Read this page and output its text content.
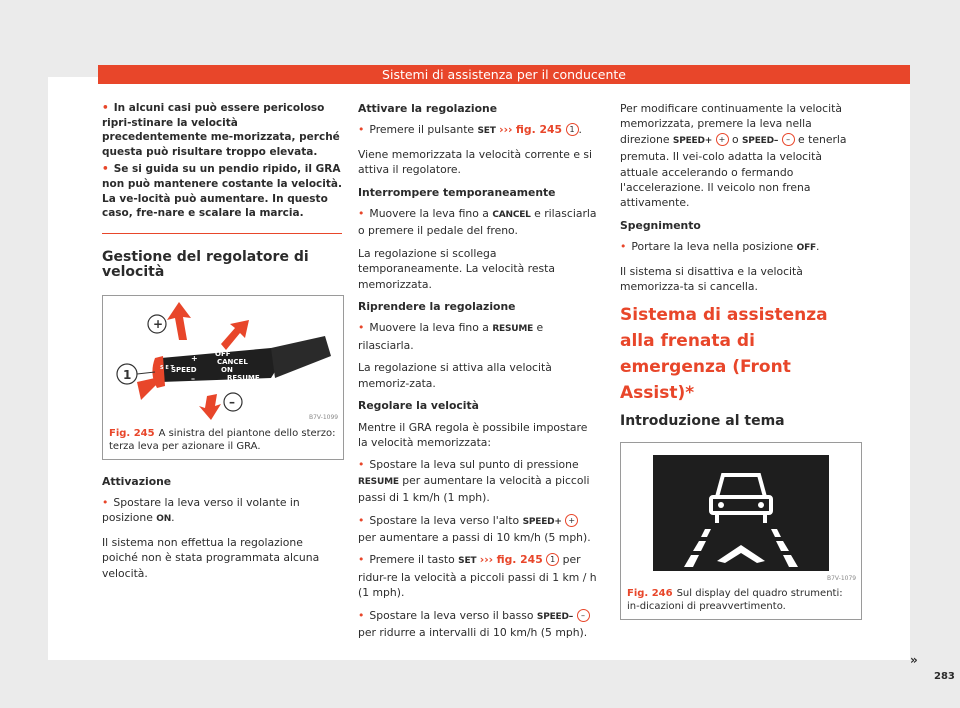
Sistemi di assistenza per il conducente

• In alcuni casi può essere pericoloso ripri-stinare la velocità precedentemente me-morizzata, perché questa può risultare troppo elevata.

• Se si guida su un pendio ripido, il GRA non può mantenere costante la velocità. La ve-locità può aumentare. In questo caso, fre-nare e scalare la marcia.

Gestione del regolatore di velocità
S E T
SPEED
+
–
OFF
CANCEL
ON
RESUME
+
1
–
B7V-1099
Fig. 245 A sinistra del piantone dello sterzo: terza leva per azionare il GRA.

Attivazione

• Spostare la leva verso il volante in posizione ON.

Il sistema non effettua la regolazione poiché non è stata programmata alcuna velocità.

Attivare la regolazione

• Premere il pulsante SET ››› fig. 245 1 .

Viene memorizzata la velocità corrente e si attiva il regolatore.

Interrompere temporaneamente

• Muovere la leva fino a CANCEL e rilasciarla o premere il pedale del freno.

La regolazione si scollega temporaneamente. La velocità resta memorizzata.

Riprendere la regolazione

• Muovere la leva fino a RESUME e rilasciarla.

La regolazione si attiva alla velocità memoriz-zata.

Regolare la velocità

Mentre il GRA regola è possibile impostare la velocità memorizzata:

• Spostare la leva sul punto di pressione RESUME per aumentare la velocità a piccoli passi di 1 km/h (1 mph).

• Spostare la leva verso l'alto SPEED+ + per aumentare a passi di 10 km/h (5 mph).

• Premere il tasto SET ››› fig. 245 1 per ridur-re la velocità a piccoli passi di 1 km / h (1 mph).

• Spostare la leva verso il basso SPEED– – per ridurre a intervalli di 10 km/h (5 mph).

Per modificare continuamente la velocità memorizzata, premere la leva nella direzione SPEED+ + o SPEED– – e tenerla premuta. Il vei-colo adatta la velocità attuale accelerando o fermando l'accelerazione. Il veicolo non frena attivamente.

Spegnimento

• Portare la leva nella posizione OFF.

Il sistema si disattiva e la velocità memorizza-ta si cancella.

Sistema di assistenza alla frenata di emergenza (Front Assist)*
Introduzione al tema
B7V-1079
Fig. 246 Sul display del quadro strumenti: in-dicazioni di preavvertimento.
»
283
